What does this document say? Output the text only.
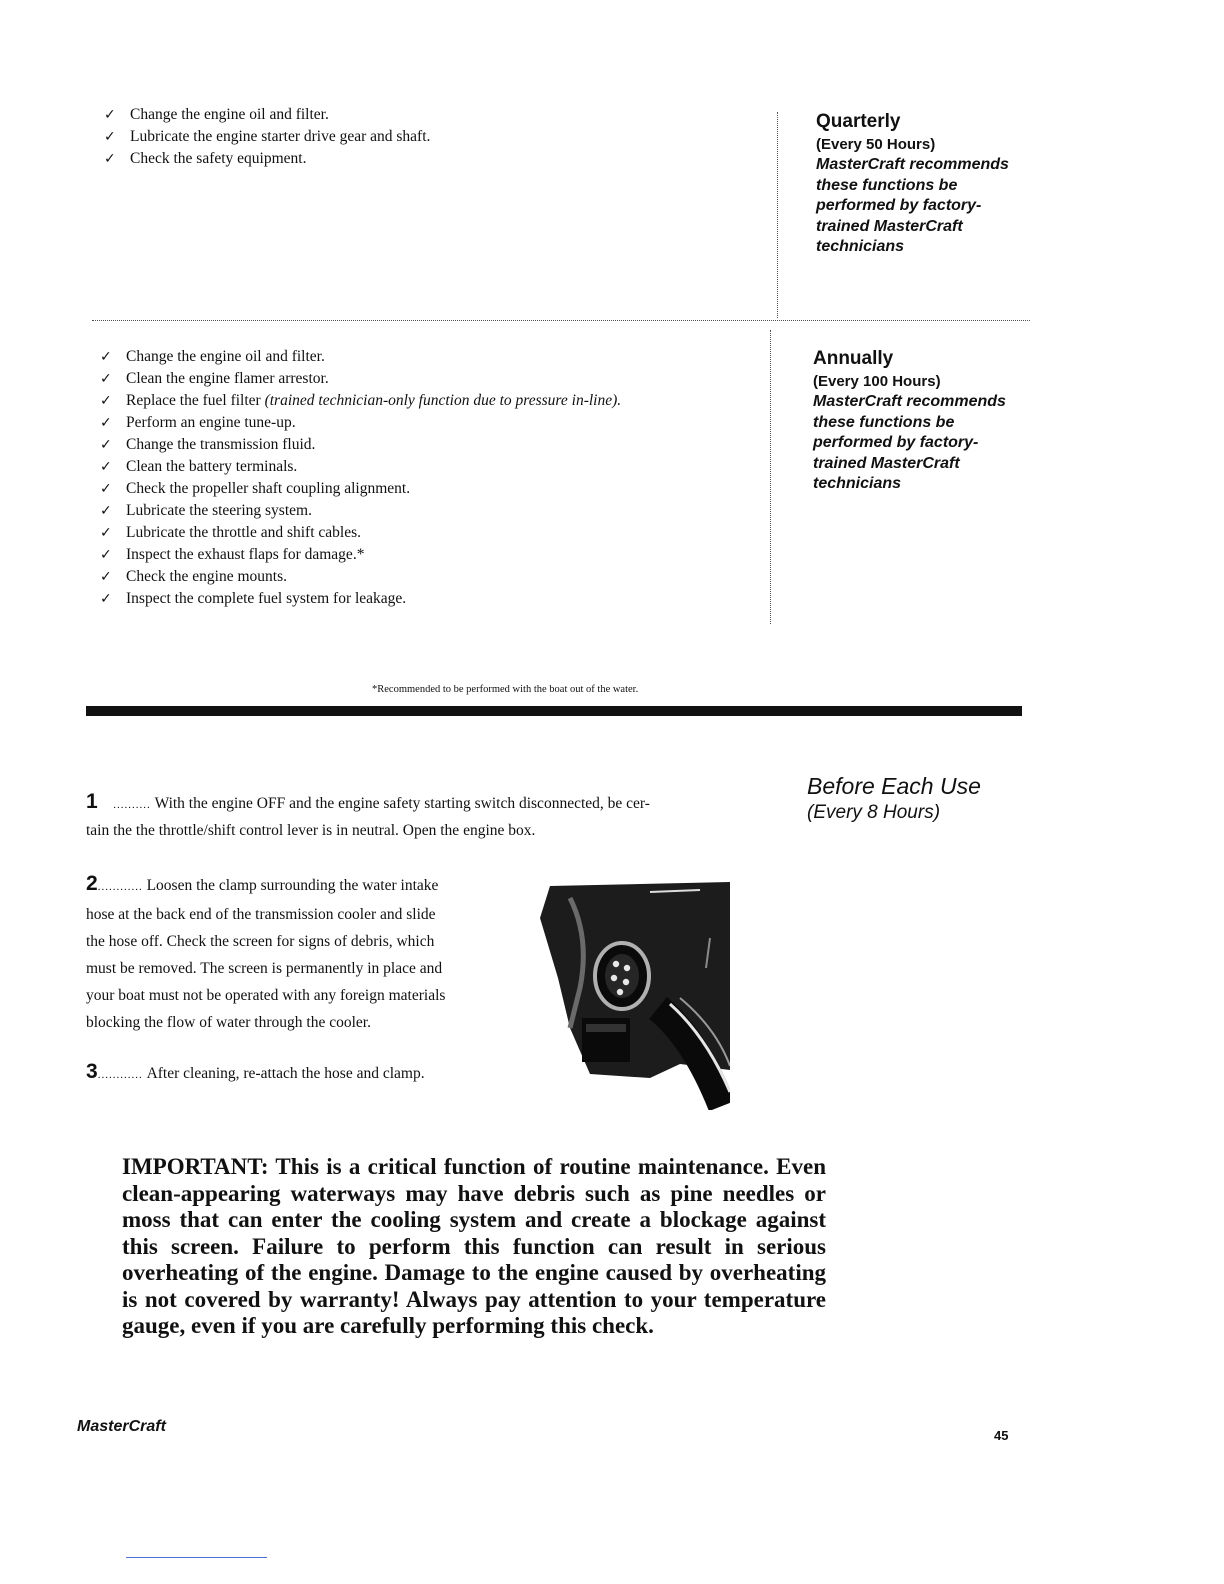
✓ Change the engine oil and filter.
✓ Lubricate the engine starter drive gear and shaft.
✓ Check the safety equipment.
Quarterly
(Every 50 Hours)
MasterCraft recommends
these functions be
performed by factory-
trained MasterCraft
technicians
✓ Change the engine oil and filter.
✓ Clean the engine flamer arrestor.
✓ Replace the fuel filter (trained technician-only function due to pressure in-line).
✓ Perform an engine tune-up.
✓ Change the transmission fluid.
✓ Clean the battery terminals.
✓ Check the propeller shaft coupling alignment.
✓ Lubricate the steering system.
✓ Lubricate the throttle and shift cables.
✓ Inspect the exhaust flaps for damage.*
✓ Check the engine mounts.
✓ Inspect the complete fuel system for leakage.
Annually
(Every 100 Hours)
MasterCraft recommends
these functions be
performed by factory-
trained MasterCraft
technicians
*Recommended to be performed with the boat out of the water.
Before Each Use
(Every 8 Hours)
1 .......... With the engine OFF and the engine safety starting switch disconnected, be cer-
tain the the throttle/shift control lever is in neutral. Open the engine box.
2............ Loosen the clamp surrounding the water intake
hose at the back end of the transmission cooler and slide
the hose off. Check the screen for signs of debris, which
must be removed. The screen is permanently in place and
your boat must not be operated with any foreign materials
blocking the flow of water through the cooler.
3............ After cleaning, re-attach the hose and clamp.
IMPORTANT: This is a critical function of routine maintenance. Even clean-appearing waterways may have debris such as pine needles or moss that can enter the cooling system and create a blockage against this screen. Failure to perform this function can result in serious overheating of the engine. Damage to the engine caused by overheating is not covered by warranty! Always pay attention to your temperature gauge, even if you are carefully performing this check.
MasterCraft
45
